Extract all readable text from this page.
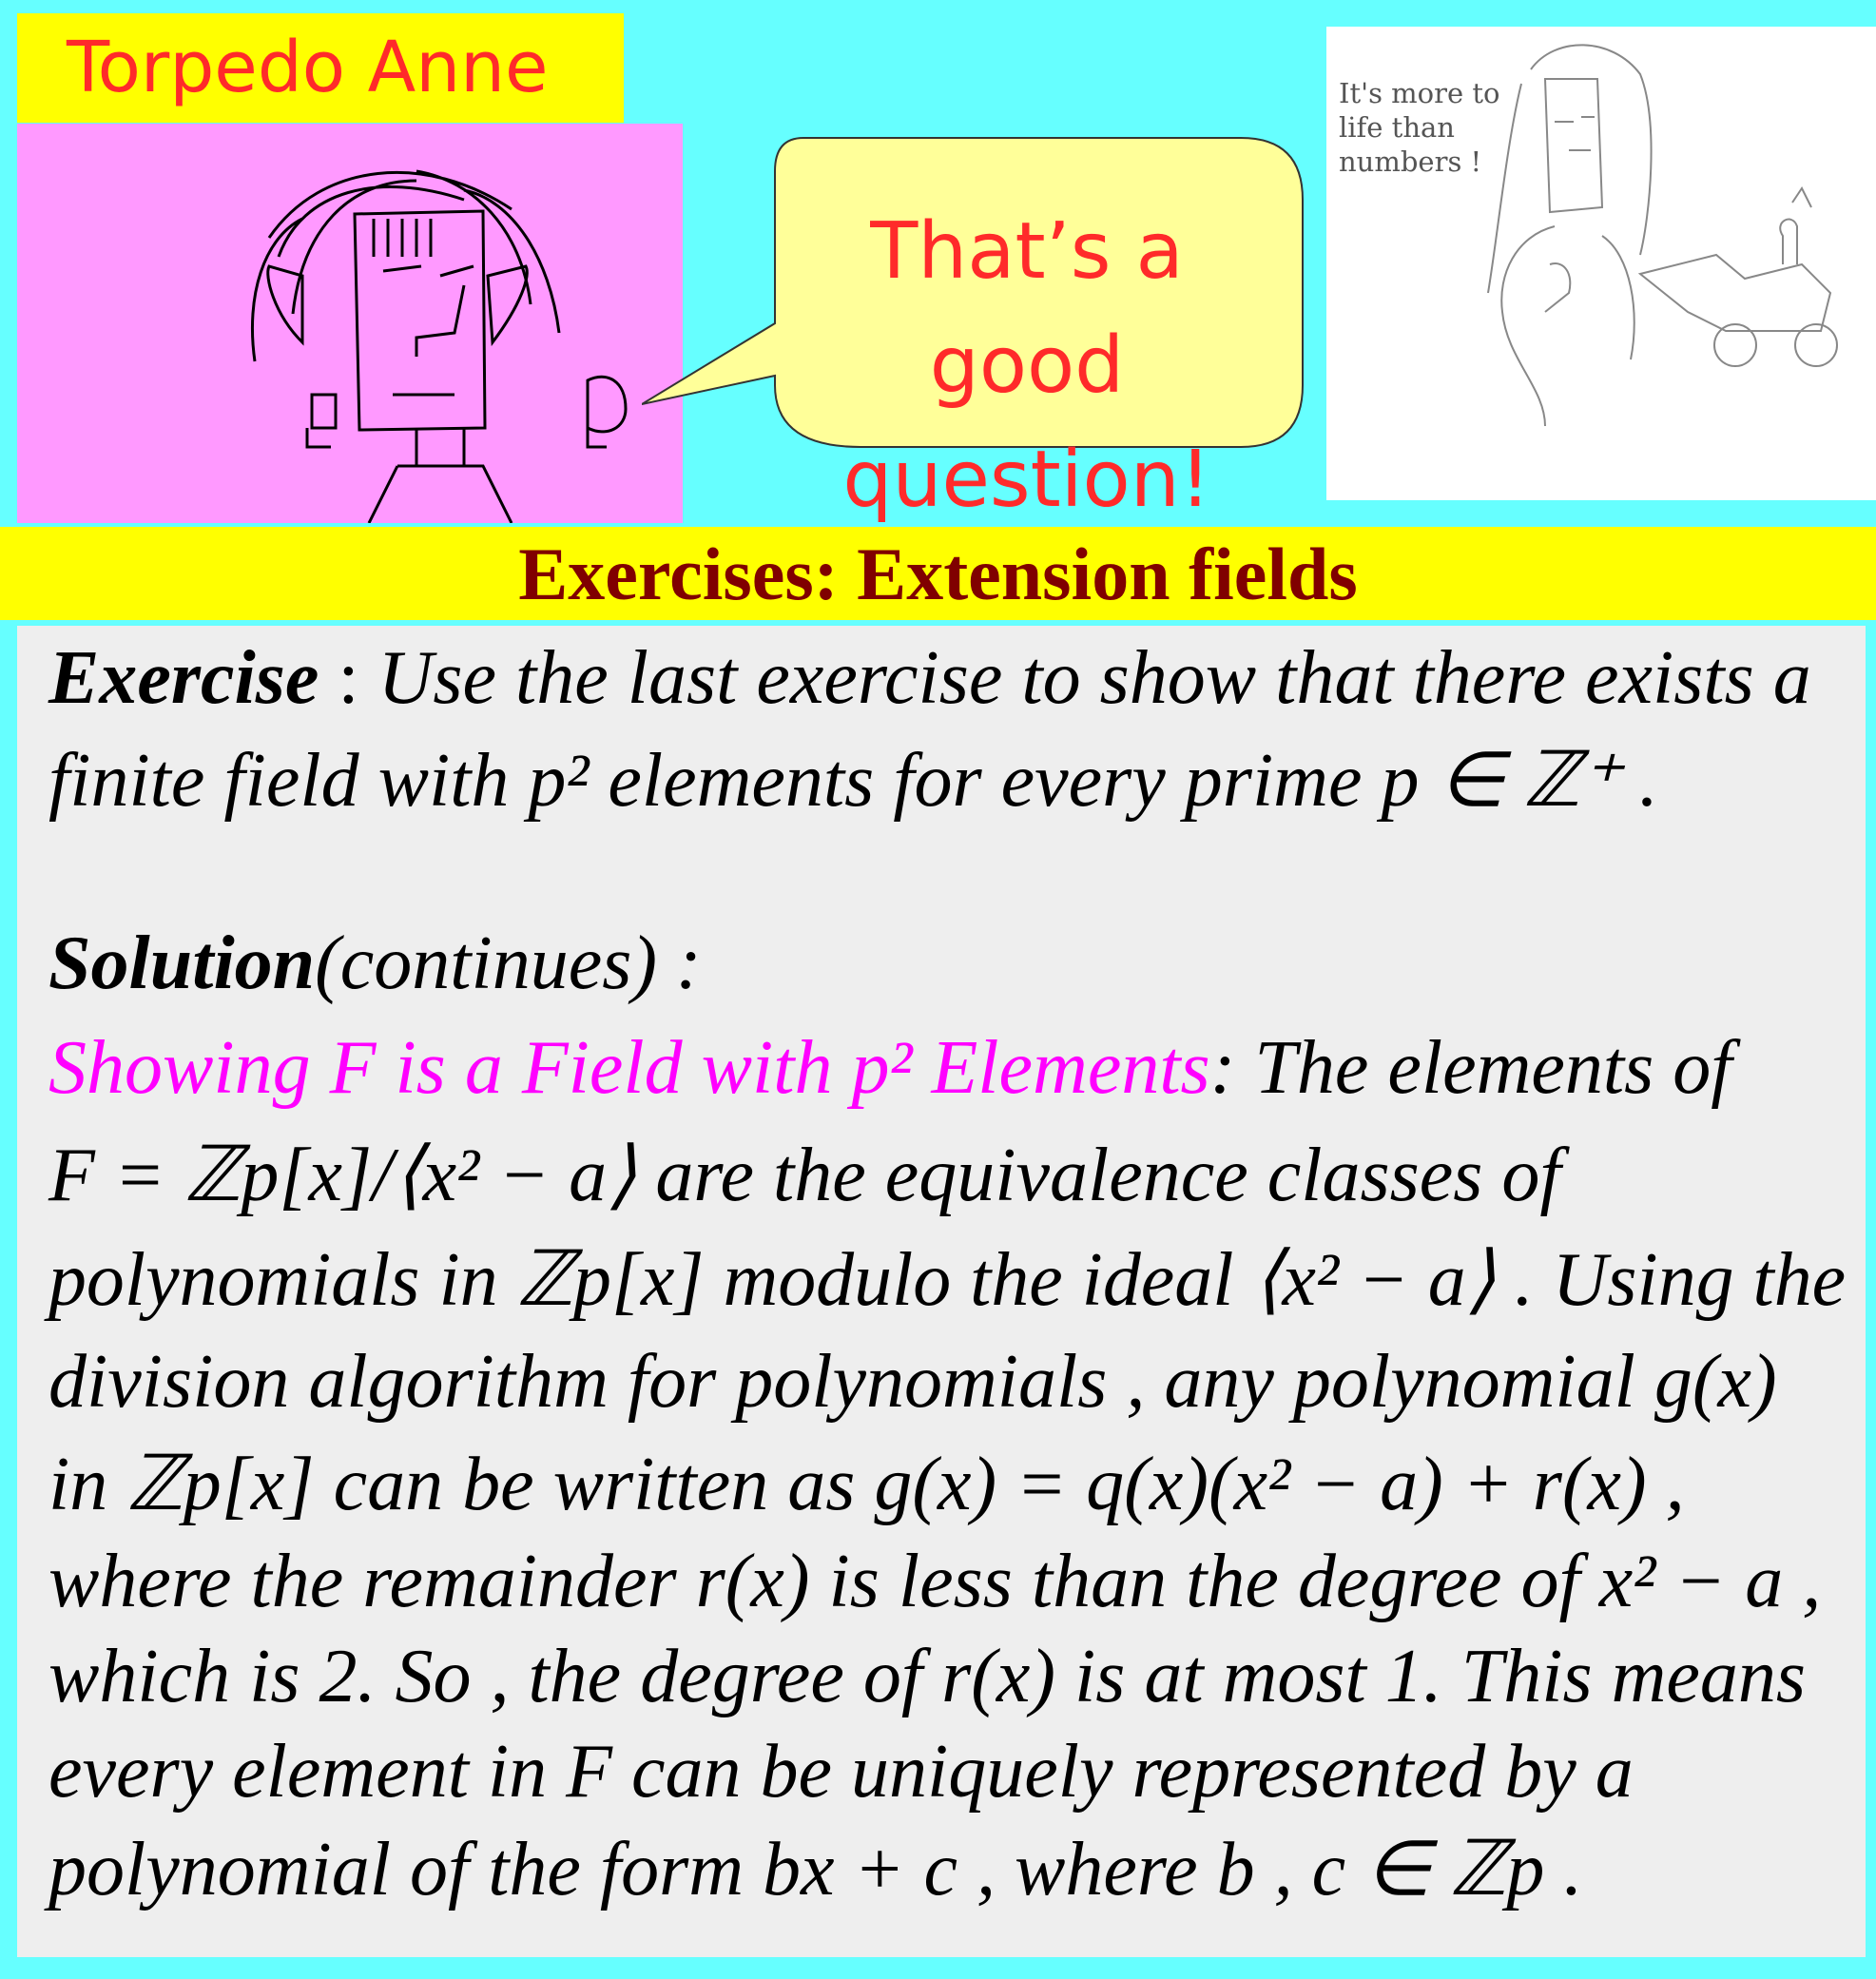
Torpedo Anne
That’s a good question!
It's more to
life than
numbers !
Exercises: Extension fields
Exercise : Use the last exercise to show that there exists a
finite field with p² elements for every prime p ∈ ℤ⁺ .
Solution(continues) :
Showing F is a Field with p² Elements: The elements of
F = ℤp[x]/⟨x² − a⟩ are the equivalence classes of
polynomials in ℤp[x] modulo the ideal ⟨x² − a⟩ . Using the
division algorithm for polynomials , any polynomial g(x)
in ℤp[x] can be written as g(x) = q(x)(x² − a) + r(x) ,
where the remainder r(x) is less than the degree of x² − a ,
which is 2. So , the degree of r(x) is at most 1. This means
every element in F can be uniquely represented by a
polynomial of the form bx + c , where b , c ∈ ℤp .
